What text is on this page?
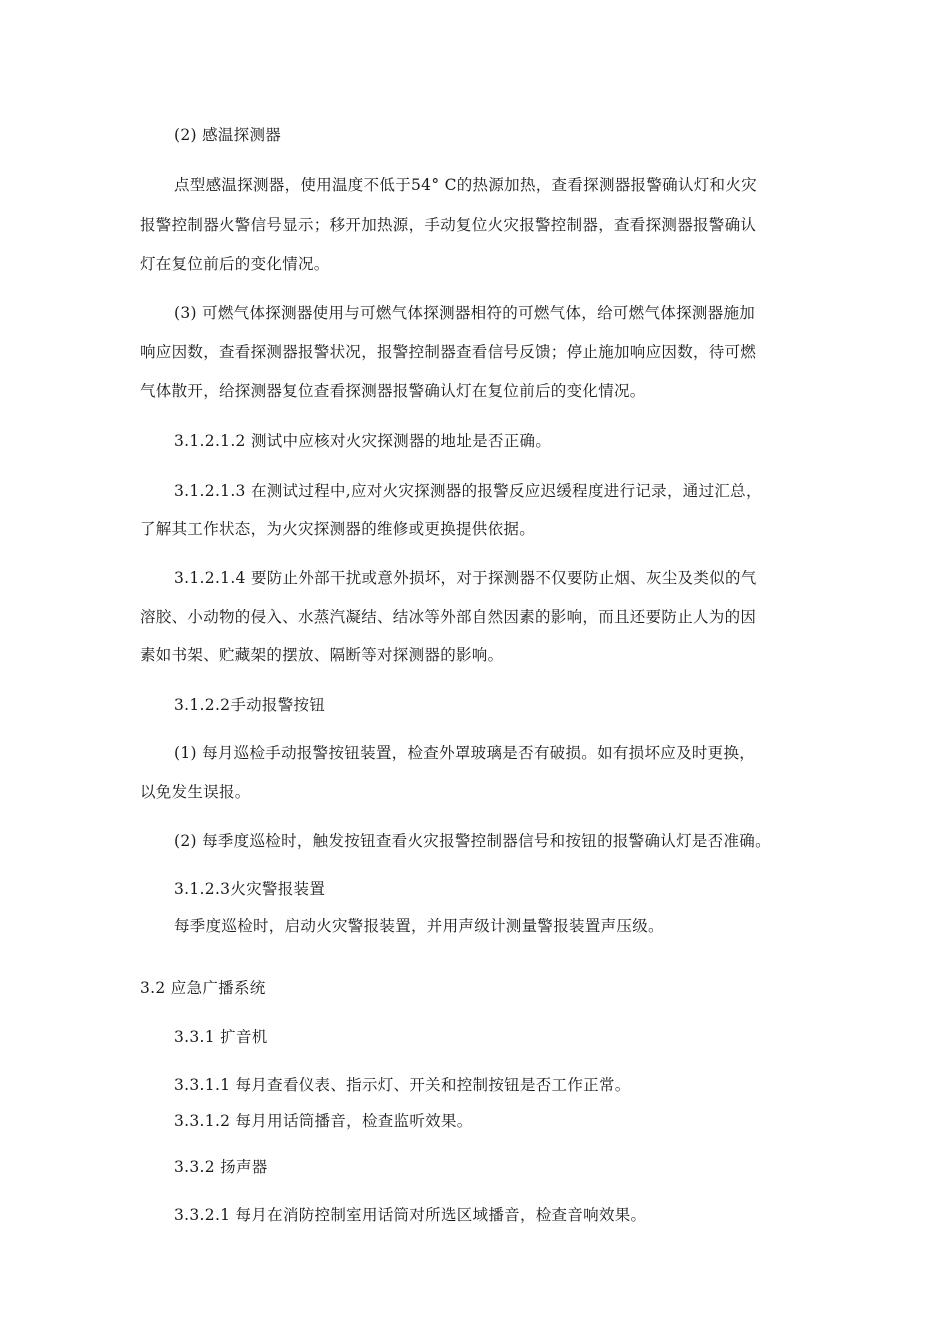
(2) 感温探测器
点型感温探测器，使用温度不低于54° C的热源加热，查看探测器报警确认灯和火灾
报警控制器火警信号显示；移开加热源，手动复位火灾报警控制器，查看探测器报警确认
灯在复位前后的变化情况。
(3) 可燃气体探测器使用与可燃气体探测器相符的可燃气体，给可燃气体探测器施加
响应因数，查看探测器报警状况，报警控制器查看信号反馈；停止施加响应因数，待可燃
气体散开，给探测器复位查看探测器报警确认灯在复位前后的变化情况。
3.1.2.1.2 测试中应核对火灾探测器的地址是否正确。
3.1.2.1.3 在测试过程中,应对火灾探测器的报警反应迟缓程度进行记录，通过汇总，
了解其工作状态，为火灾探测器的维修或更换提供依据。
3.1.2.1.4 要防止外部干扰或意外损坏，对于探测器不仅要防止烟、灰尘及类似的气
溶胶、小动物的侵入、水蒸汽凝结、结冰等外部自然因素的影响，而且还要防止人为的因
素如书架、贮藏架的摆放、隔断等对探测器的影响。
3.1.2.2手动报警按钮
(1) 每月巡检手动报警按钮装置，检查外罩玻璃是否有破损。如有损坏应及时更换，
以免发生误报。
(2) 每季度巡检时，触发按钮查看火灾报警控制器信号和按钮的报警确认灯是否准确。
3.1.2.3火灾警报装置
每季度巡检时，启动火灾警报装置，并用声级计测量警报装置声压级。
3.2 应急广播系统
3.3.1 扩音机
3.3.1.1 每月查看仪表、指示灯、开关和控制按钮是否工作正常。
3.3.1.2 每月用话筒播音，检查监听效果。
3.3.2 扬声器
3.3.2.1 每月在消防控制室用话筒对所选区域播音，检查音响效果。
